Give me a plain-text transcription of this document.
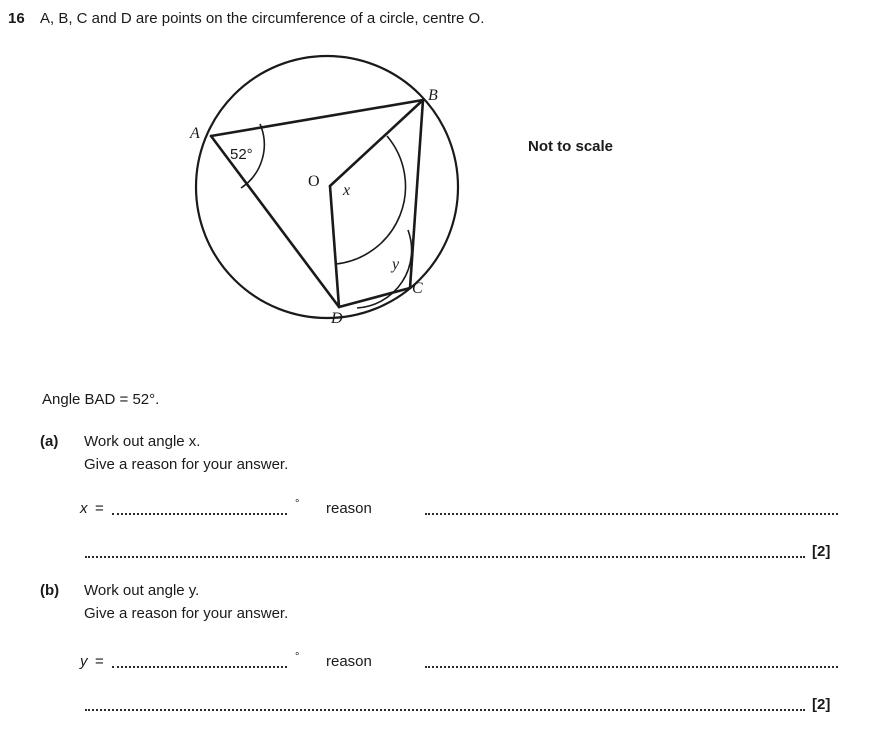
16 A, B, C and D are points on the circumference of a circle, centre O.
A
B
C
D
O
52°
x
y
Not to scale
Angle BAD = 52°.
(a) Work out angle x.
Give a reason for your answer.
x =	° reason
[2]
(b) Work out angle y.
Give a reason for your answer.
y =	° reason
[2]
